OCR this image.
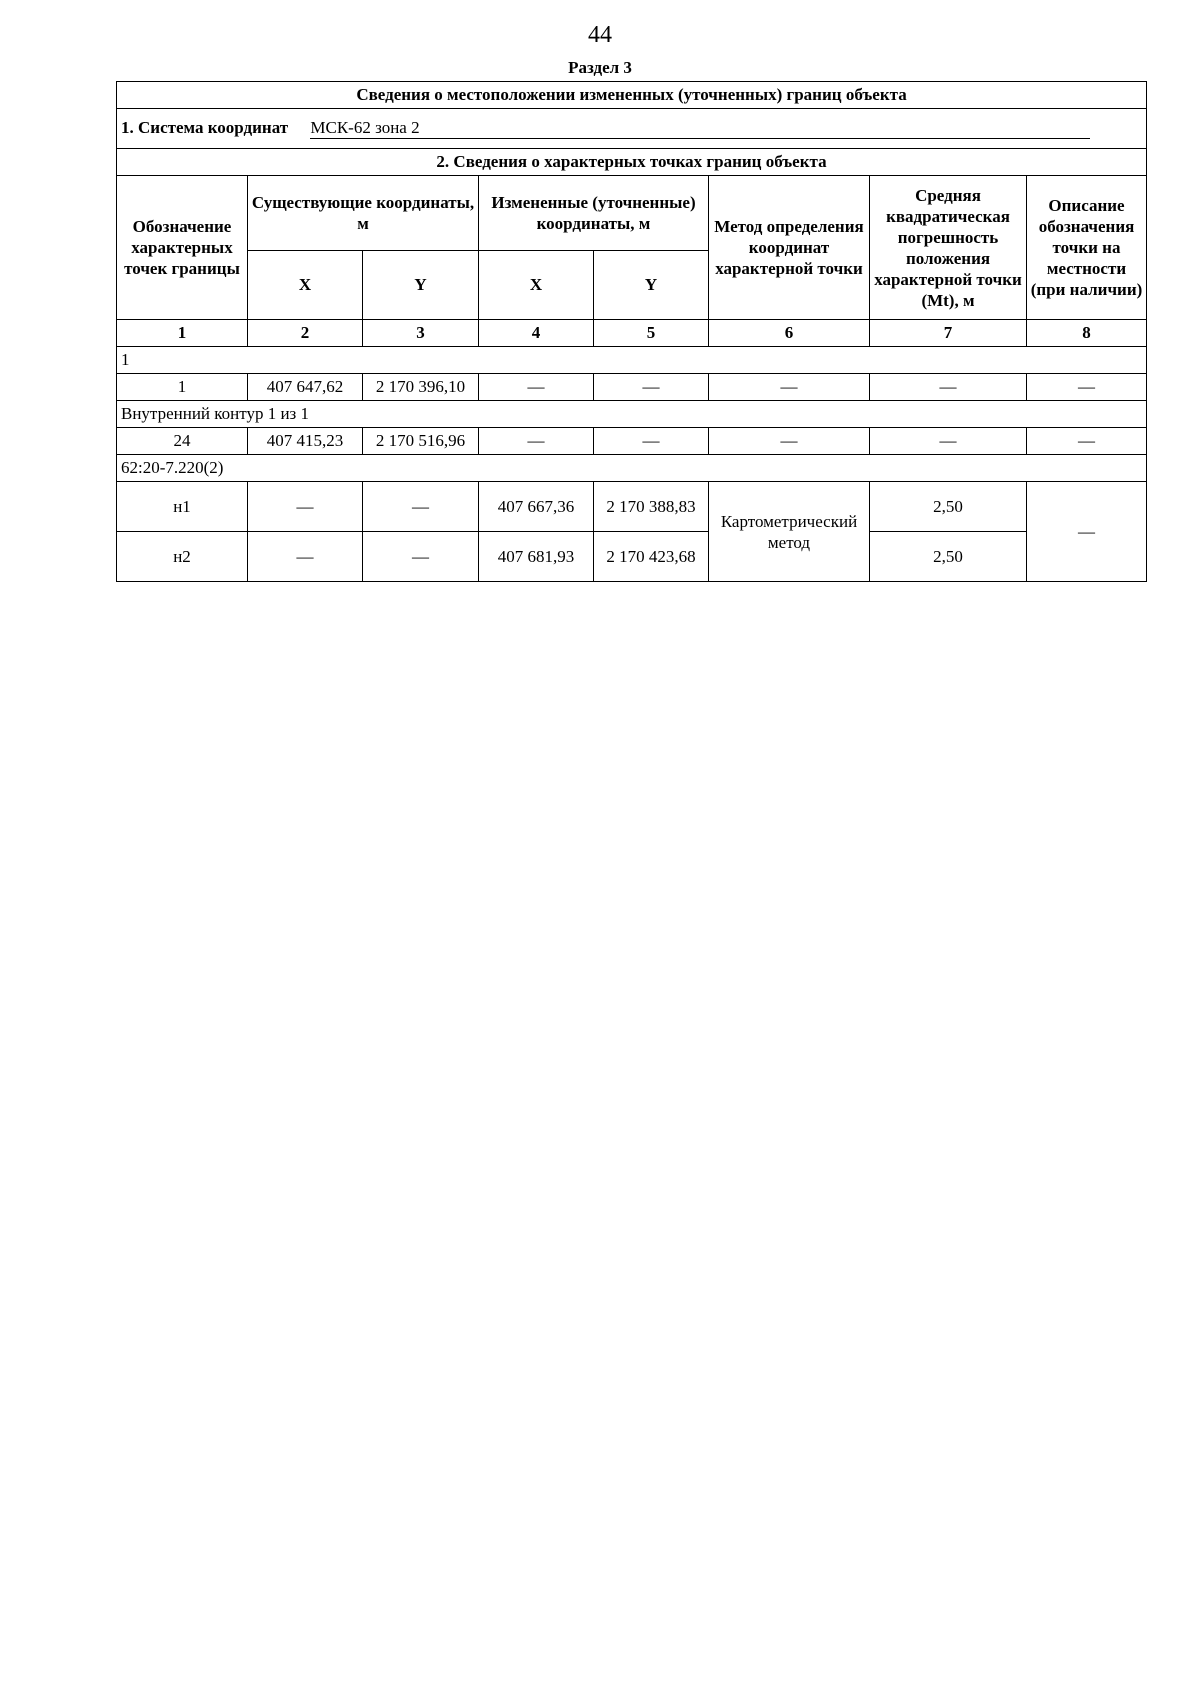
44
Раздел 3
Сведения о местоположении измененных (уточненных) границ объекта							
1. Система координат МСК-62 зона 2							
2. Сведения о характерных точках границ объекта							
Обозначение характерных точек границы	Существующие координаты, м		Измененные (уточненные) координаты, м		Метод определения координат характерной точки	Средняя квадратическая погрешность положения характерной точки (Mt), м	Описание обозначения точки на местности (при наличии)
	X	Y	X	Y			
1	2	3	4	5	6	7	8
1							
1	407 647,62	2 170 396,10	—	—	—	—	—
Внутренний контур 1 из 1							
24	407 415,23	2 170 516,96	—	—	—	—	—
62:20-7.220(2)							
н1	—	—	407 667,36	2 170 388,83	Картометрический метод	2,50	—
н2	—	—	407 681,93	2 170 423,68		2,50	
